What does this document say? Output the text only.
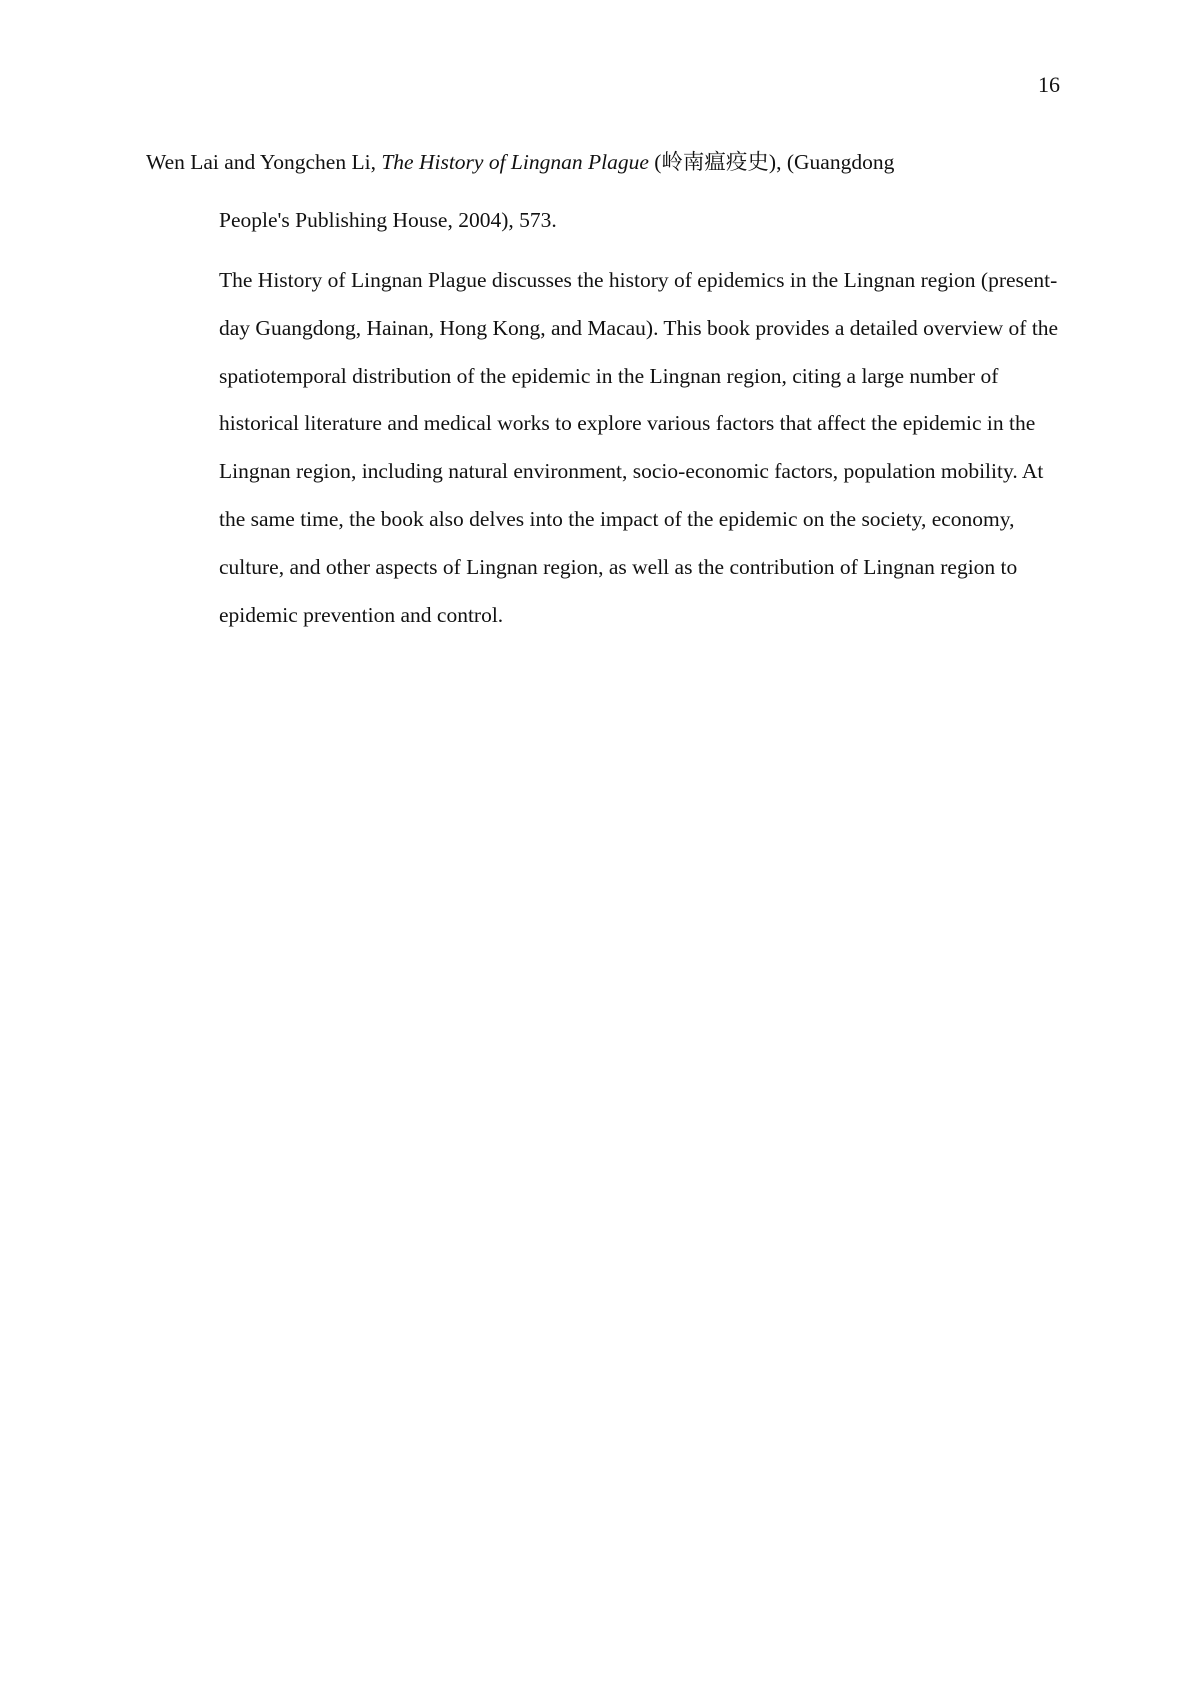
16
Wen Lai and Yongchen Li, The History of Lingnan Plague (岭南瘟疫史), (Guangdong
People's Publishing House, 2004), 573.
The History of Lingnan Plague discusses the history of epidemics in the Lingnan region (present-day Guangdong, Hainan, Hong Kong, and Macau). This book provides a detailed overview of the spatiotemporal distribution of the epidemic in the Lingnan region, citing a large number of historical literature and medical works to explore various factors that affect the epidemic in the Lingnan region, including natural environment, socio-economic factors, population mobility. At the same time, the book also delves into the impact of the epidemic on the society, economy, culture, and other aspects of Lingnan region, as well as the contribution of Lingnan region to epidemic prevention and control.
